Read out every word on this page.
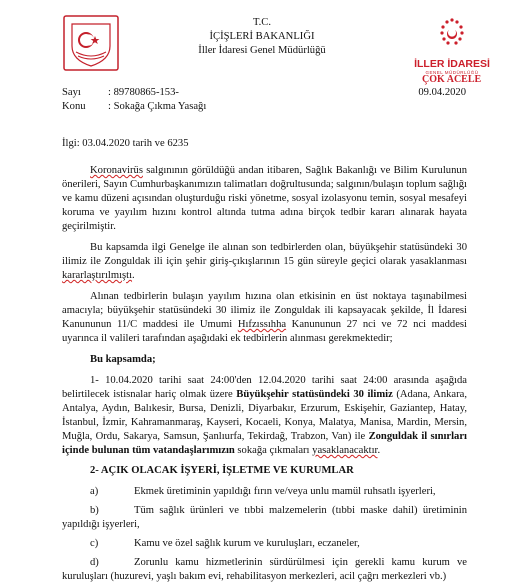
T.C.
İÇİŞLERİ BAKANLIĞI
İller İdaresi Genel Müdürlüğü
İLLER İDARESİ
GENEL MÜDÜRLÜĞÜ
ÇOK ACELE
Sayı	: 89780865-153-	09.04.2020
Konu	: Sokağa Çıkma Yasağı
İlgi: 03.04.2020 tarih ve 6235

Koronavirüs salgınının görüldüğü andan itibaren, Sağlık Bakanlığı ve Bilim Kurulunun önerileri, Sayın Cumhurbaşkanımızın talimatları doğrultusunda; salgının/bulaşın toplum sağlığı ve kamu düzeni açısından oluşturduğu riski yönetme, sosyal izolasyonu temin, sosyal mesafeyi koruma ve yayılım hızını kontrol altında tutma adına birçok tedbir kararı alınarak hayata geçirilmiştir.

Bu kapsamda ilgi Genelge ile alınan son tedbirlerden olan, büyükşehir statüsündeki 30 ilimiz ile Zonguldak ili için şehir giriş-çıkışlarının 15 gün süreyle geçici olarak yasaklanması kararlaştırılmıştı.

Alınan tedbirlerin bulaşın yayılım hızına olan etkisinin en üst noktaya taşınabilmesi amacıyla; büyükşehir statüsündeki 30 ilimiz ile Zonguldak ili kapsayacak şekilde, İl İdaresi Kanununun 11/C maddesi ile Umumi Hıfzıssıhha Kanununun 27 nci ve 72 nci maddesi uyarınca il valileri tarafından aşağıdaki ek tedbirlerin alınması gerekmektedir;

Bu kapsamda;

1- 10.04.2020 tarihi saat 24:00'den 12.04.2020 tarihi saat 24:00 arasında aşağıda belirtilecek istisnalar hariç olmak üzere Büyükşehir statüsündeki 30 ilimiz (Adana, Ankara, Antalya, Aydın, Balıkesir, Bursa, Denizli, Diyarbakır, Erzurum, Eskişehir, Gaziantep, Hatay, İstanbul, İzmir, Kahramanmaraş, Kayseri, Kocaeli, Konya, Malatya, Manisa, Mardin, Mersin, Muğla, Ordu, Sakarya, Samsun, Şanlıurfa, Tekirdağ, Trabzon, Van) ile Zonguldak il sınırları içinde bulunan tüm vatandaşlarımızın sokağa çıkmaları yasaklanacaktır.

2- AÇIK OLACAK İŞYERİ, İŞLETME VE KURUMLAR

a)	Ekmek üretiminin yapıldığı fırın ve/veya unlu mamül ruhsatlı işyerleri,

b)	Tüm sağlık ürünleri ve tıbbi malzemelerin (tıbbi maske dahil) üretiminin yapıldığı işyerleri,

c)	Kamu ve özel sağlık kurum ve kuruluşları, eczaneler,

d)	Zorunlu kamu hizmetlerinin sürdürülmesi için gerekli kamu kurum ve kuruluşları (huzurevi, yaşlı bakım evi, rehabilitasyon merkezleri, acil çağrı merkezleri vb.)
